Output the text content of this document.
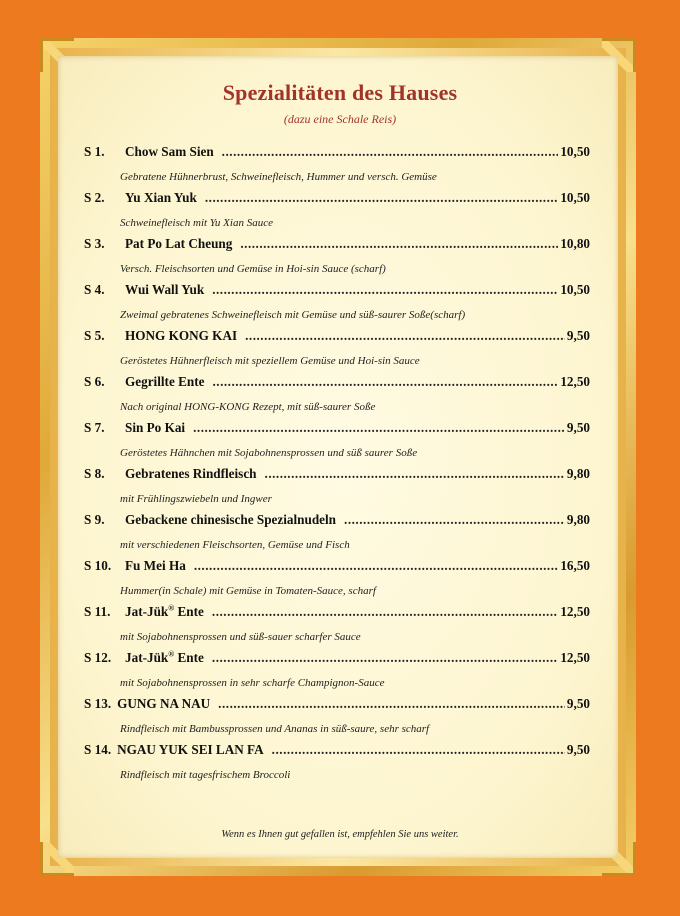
Spezialitäten des Hauses
(dazu eine Schale Reis)
S 1.	Chow Sam Sien .....	10,50
Gebratene Hühnerbrust, Schweinefleisch, Hummer und versch. Gemüse
S 2.	Yu Xian Yuk .....	10,50
Schweinefleisch mit Yu Xian Sauce
S 3.	Pat Po Lat Cheung .....	10,80
Versch. Fleischsorten und Gemüse in Hoi-sin Sauce (scharf)
S 4.	Wui Wall Yuk .....	10,50
Zweimal gebratenes Schweinefleisch mit Gemüse und süß-saurer Soße(scharf)
S 5.	HONG KONG KAI .....	9,50
Geröstetes Hühnerfleisch mit speziellem Gemüse und Hoi-sin Sauce
S 6.	Gegrillte Ente .....	12,50
Nach original HONG-KONG Rezept, mit süß-saurer Soße
S 7.	Sin Po Kai .....	9,50
Geröstetes Hähnchen mit Sojabohnensprossen und süß saurer Soße
S 8.	Gebratenes Rindfleisch .....	9,80
mit Frühlingszwiebeln und Ingwer
S 9.	Gebackene chinesische Spezialnudeln .....	9,80
mit verschiedenen Fleischsorten, Gemüse und Fisch
S 10.	Fu Mei Ha .....	16,50
Hummer(in Schale) mit Gemüse in Tomaten-Sauce, scharf
S 11.	Jat-Jük® Ente .....	12,50
mit Sojabohnensprossen und süß-sauer scharfer Sauce
S 12.	Jat-Jük® Ente .....	12,50
mit Sojabohnensprossen in sehr scharfe Champignon-Sauce
S 13. GUNG NA NAU .....	9,50
Rindfleisch mit Bambussprossen und Ananas in süß-saure, sehr scharf
S 14. NGAU YUK SEI LAN FA .....	9,50
Rindfleisch mit tagesfrischem Broccoli
Wenn es Ihnen gut gefallen ist, empfehlen Sie uns weiter.
